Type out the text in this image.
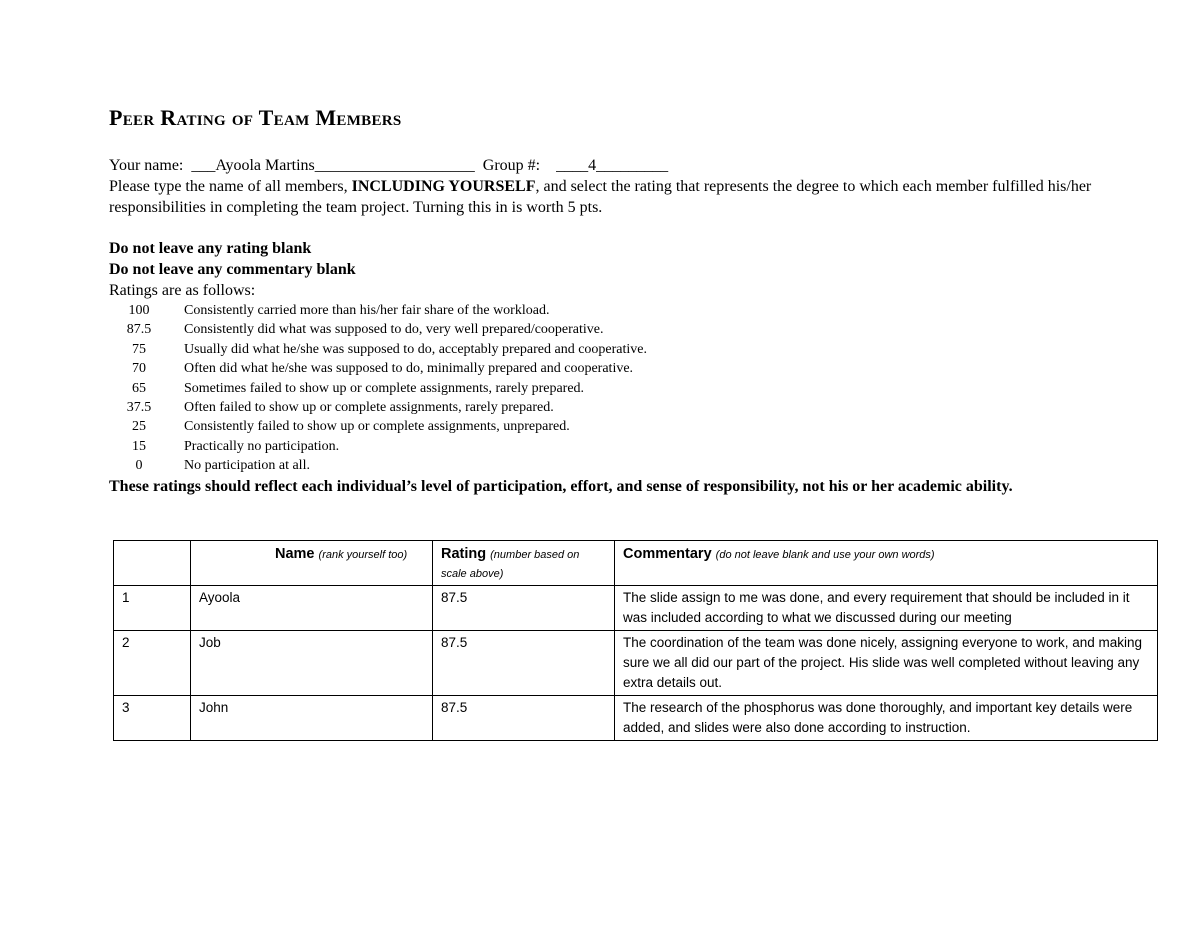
Peer Rating of Team Members
Your name: ___Ayoola Martins____________________ Group #: ____4_________
Please type the name of all members, INCLUDING YOURSELF, and select the rating that represents the degree to which each member fulfilled his/her responsibilities in completing the team project. Turning this in is worth 5 pts.
Do not leave any rating blank
Do not leave any commentary blank
Ratings are as follows:
100	Consistently carried more than his/her fair share of the workload.
87.5	Consistently did what was supposed to do, very well prepared/cooperative.
75	Usually did what he/she was supposed to do, acceptably prepared and cooperative.
70	Often did what he/she was supposed to do, minimally prepared and cooperative.
65	Sometimes failed to show up or complete assignments, rarely prepared.
37.5	Often failed to show up or complete assignments, rarely prepared.
25	Consistently failed to show up or complete assignments, unprepared.
15	Practically no participation.
0	No participation at all.
These ratings should reflect each individual’s level of participation, effort, and sense of responsibility, not his or her academic ability.
	Name (rank yourself too)	Rating (number based on scale above)	Commentary (do not leave blank and use your own words)
1	Ayoola	87.5	The slide assign to me was done, and every requirement that should be included in it was included according to what we discussed during our meeting
2	Job	87.5	The coordination of the team was done nicely, assigning everyone to work, and making sure we all did our part of the project. His slide was well completed without leaving any extra details out.
3	John	87.5	The research of the phosphorus was done thoroughly, and important key details were added, and slides were also done according to instruction.
